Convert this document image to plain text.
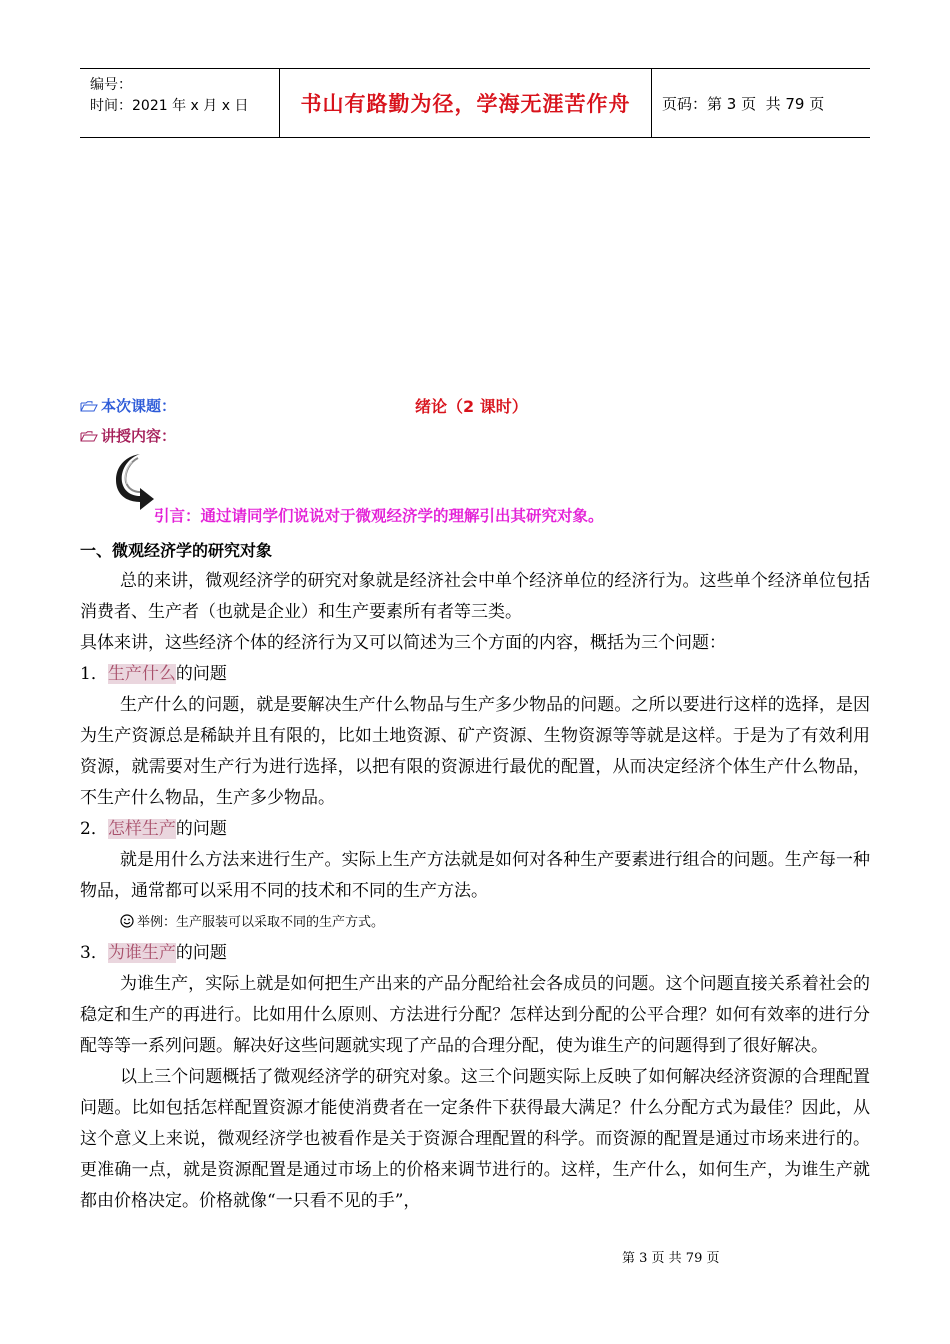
编号：
时间：2021 年 x 月 x 日	书山有路勤为径，学海无涯苦作舟 页码：第 3 页  共 79 页
本次课题：	绪论（2 课时）
讲授内容：
引言：通过请同学们说说对于微观经济学的理解引出其研究对象。

一、微观经济学的研究对象

总的来讲，微观经济学的研究对象就是经济社会中单个经济单位的经济行为。这些单个经济单位包括消费者、生产者（也就是企业）和生产要素所有者等三类。

具体来讲，这些经济个体的经济行为又可以简述为三个方面的内容，概括为三个问题：

1．生产什么的问题

生产什么的问题，就是要解决生产什么物品与生产多少物品的问题。之所以要进行这样的选择，是因为生产资源总是稀缺并且有限的，比如土地资源、矿产资源、生物资源等等就是这样。于是为了有效利用资源，就需要对生产行为进行选择，以把有限的资源进行最优的配置，从而决定经济个体生产什么物品，不生产什么物品，生产多少物品。

2．怎样生产的问题

就是用什么方法来进行生产。实际上生产方法就是如何对各种生产要素进行组合的问题。生产每一种物品，通常都可以采用不同的技术和不同的生产方法。

举例：生产服装可以采取不同的生产方式。

3．为谁生产的问题

为谁生产，实际上就是如何把生产出来的产品分配给社会各成员的问题。这个问题直接关系着社会的稳定和生产的再进行。比如用什么原则、方法进行分配？怎样达到分配的公平合理？如何有效率的进行分配等等一系列问题。解决好这些问题就实现了产品的合理分配，使为谁生产的问题得到了很好解决。

以上三个问题概括了微观经济学的研究对象。这三个问题实际上反映了如何解决经济资源的合理配置问题。比如包括怎样配置资源才能使消费者在一定条件下获得最大满足？什么分配方式为最佳？因此，从这个意义上来说，微观经济学也被看作是关于资源合理配置的科学。而资源的配置是通过市场来进行的。更准确一点，就是资源配置是通过市场上的价格来调节进行的。这样，生产什么，如何生产，为谁生产就都由价格决定。价格就像“一只看不见的手”，

第 3 页 共 79 页
